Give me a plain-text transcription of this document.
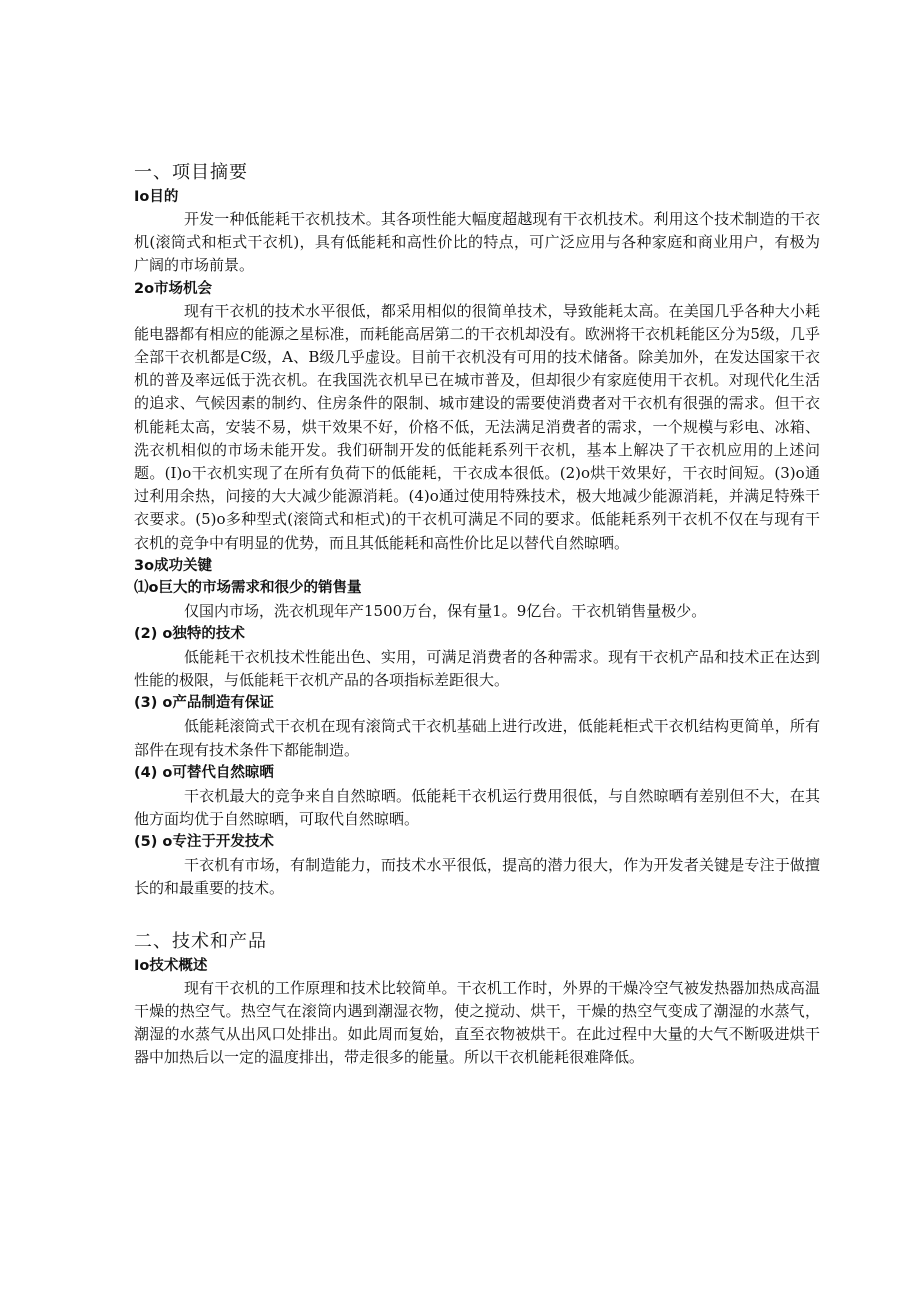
一、项目摘要
Io目的

开发一种低能耗干衣机技术。其各项性能大幅度超越现有干衣机技术。利用这个技术制造的干衣机(滚筒式和柜式干衣机)，具有低能耗和高性价比的特点，可广泛应用与各种家庭和商业用户，有极为广阔的市场前景。

2o市场机会

现有干衣机的技术水平很低，都采用相似的很简单技术，导致能耗太高。在美国几乎各种大小耗能电器都有相应的能源之星标准，而耗能高居第二的干衣机却没有。欧洲将干衣机耗能区分为5级，几乎全部干衣机都是C级，A、B级几乎虚设。目前干衣机没有可用的技术储备。除美加外，在发达国家干衣机的普及率远低于洗衣机。在我国洗衣机早已在城市普及，但却很少有家庭使用干衣机。对现代化生活的追求、气候因素的制约、住房条件的限制、城市建设的需要使消费者对干衣机有很强的需求。但干衣机能耗太高，安装不易，烘干效果不好，价格不低，无法满足消费者的需求，一个规模与彩电、冰箱、洗衣机相似的市场未能开发。我们研制开发的低能耗系列干衣机，基本上解决了干衣机应用的上述问题。(I)o干衣机实现了在所有负荷下的低能耗，干衣成本很低。(2)o烘干效果好，干衣时间短。(3)o通过利用余热，问接的大大减少能源消耗。(4)o通过使用特殊技术，极大地减少能源消耗，并满足特殊干衣要求。(5)o多种型式(滚筒式和柜式)的干衣机可满足不同的要求。低能耗系列干衣机不仅在与现有干衣机的竞争中有明显的优势，而且其低能耗和高性价比足以替代自然晾晒。

3o成功关键
⑴o巨大的市场需求和很少的销售量

仅国内市场，洗衣机现年产1500万台，保有量1。9亿台。干衣机销售量极少。

(2) o独特的技术

低能耗干衣机技术性能出色、实用，可满足消费者的各种需求。现有干衣机产品和技术正在达到性能的极限，与低能耗干衣机产品的各项指标差距很大。

(3) o产品制造有保证

低能耗滚筒式干衣机在现有滚筒式干衣机基础上进行改进，低能耗柜式干衣机结构更简单，所有部件在现有技术条件下都能制造。

(4) o可替代自然晾晒

干衣机最大的竞争来自自然晾晒。低能耗干衣机运行费用很低，与自然晾晒有差别但不大，在其他方面均优于自然晾晒，可取代自然晾晒。

(5) o专注于开发技术

干衣机有市场，有制造能力，而技术水平很低，提高的潜力很大，作为开发者关键是专注于做擅长的和最重要的技术。

二、技术和产品
Io技术概述

现有干衣机的工作原理和技术比较简单。干衣机工作时，外界的干燥冷空气被发热器加热成高温干燥的热空气。热空气在滚筒内遇到潮湿衣物，使之搅动、烘干，干燥的热空气变成了潮湿的水蒸气，潮湿的水蒸气从出风口处排出。如此周而复始，直至衣物被烘干。在此过程中大量的大气不断吸进烘干器中加热后以一定的温度排出，带走很多的能量。所以干衣机能耗很难降低。
